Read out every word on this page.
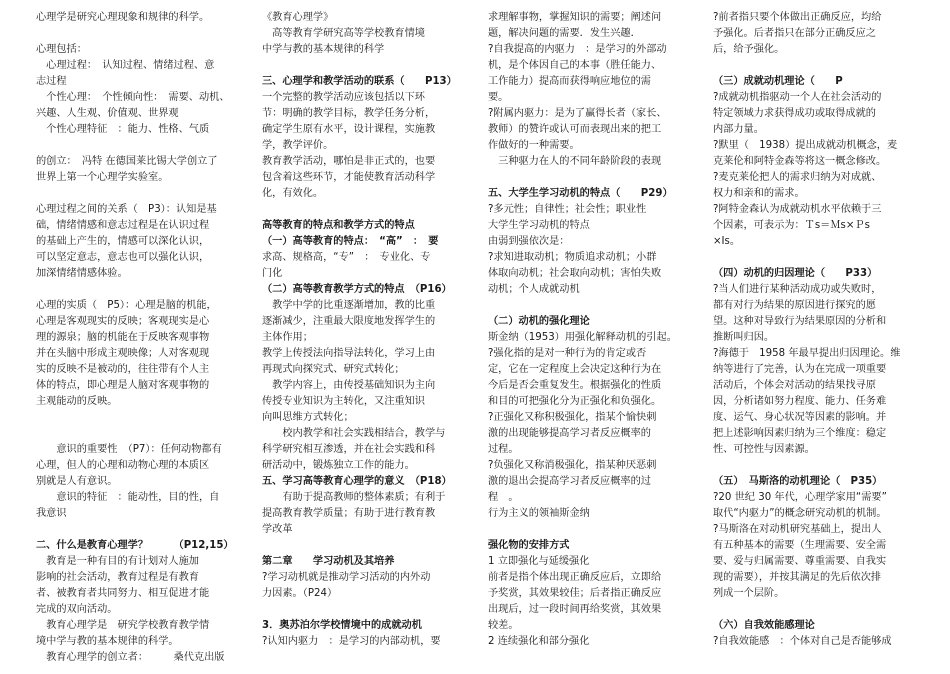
心理学是研究心理现象和规律的科学。
心理包括：
　心理过程：　认知过程、情绪过程、意
志过程
　个性心理：　个性倾向性：　需要、动机、
兴趣、人生观、价值观、世界观
　个性心理特征　：能力、性格、气质
的创立：　冯特 在德国莱比锡大学创立了
世界上第一个心理学实验室。
心理过程之间的关系（　P3）：认知是基
础，情绪情感和意志过程是在认识过程
的基础上产生的，情感可以深化认识，
可以坚定意志，意志也可以强化认识，
加深情绪情感体验。
心理的实质（　P5）：心理是脑的机能，
心理是客观现实的反映；客观现实是心
理的源泉；脑的机能在于反映客观事物
并在头脑中形成主观映像；人对客观现
实的反映不是被动的，往往带有个人主
体的特点，即心理是人脑对客观事物的
主观能动的反映。
　　意识的重要性　（P7）：任何动物都有
心理，但人的心理和动物心理的本质区
别就是人有意识。
　　意识的特征　：能动性，目的性，自
我意识
二、什么是教育心理学？　　　（P12,15）
　教育是一种有目的有计划对人施加
影响的社会活动，教育过程是有教育
者、被教育者共同努力、相互促进才能
完成的双向活动。
　教育心理学是　研究学校教育教学情
境中学与教的基本规律的科学。
　教育心理学的创立者：　　　桑代克出版
《教育心理学》
　高等教育学研究高等学校教育情境
中学与教的基本规律的科学
三、心理学和教学活动的联系（　　P13）
一个完整的教学活动应该包括以下环
节：明确的教学目标，教学任务分析，
确定学生原有水平，设计课程，实施教
学，教学评价。
教育教学活动，哪怕是非正式的，也要
包含着这些环节，才能使教育活动科学
化，有效化。
高等教育的特点和教学方式的特点
（一）高等教育的特点：　“高”　：　要
求高、规格高，“专”　：　专业化、专
门化
（二）高等教育教学方式的特点　（P16）
　教学中学的比重逐渐增加，教的比重
逐渐减少，注重最大限度地发挥学生的
主体作用；
教学上传授法向指导法转化，学习上由
再现式向探究式、研究式转化；
　教学内容上，由传授基础知识为主向
传授专业知识为主转化，又注重知识
向叫思维方式转化；
　　校内教学和社会实践相结合，教学与
科学研究相互渗透，并在社会实践和科
研活动中，锻炼独立工作的能力。
五、学习高等教育心理学的意义　（P18）
　　有助于提高教师的整体素质；有利于
提高教育教学质量；有助于进行教育教
学改革
第二章　　学习动机及其培养
?学习动机就是推动学习活动的内外动
力因素。（P24）
3．奥苏泊尔学校情境中的成就动机
?认知内驱力　：是学习的内部动机，要
求理解事物，掌握知识的需要；阐述问
题，解决问题的需要．发生兴趣．
?自我提高的内驱力　：是学习的外部动
机，是个体因自己的本事（胜任能力、
工作能力）提高而获得响应地位的需
要。
?附属内驱力：是为了赢得长者（家长、
教师）的赞许或认可而表现出来的把工
作做好的一种需要。
　三种驱力在人的不同年龄阶段的表现
五、大学生学习动机的特点（　　P29）
?多元性；自律性；社会性；职业性
大学生学习动机的特点
由弱到强依次是：
?求知进取动机；物质追求动机；小群
体取向动机；社会取向动机；害怕失败
动机；个人成就动机
（二）动机的强化理论
斯金纳（1953）用强化解释动机的引起。
?强化指的是对一种行为的肯定或否
定，它在一定程度上会决定这种行为在
今后是否会重复发生。根据强化的性质
和目的可把强化分为正强化和负强化。
?正强化又称积极强化，指某个愉快刺
激的出现能够提高学习者反应概率的
过程。
?负强化又称消极强化，指某种厌恶刺
激的退出会提高学习者反应概率的过
程　。
行为主义的领袖斯金纳
强化物的安排方式
1 立即强化与延缓强化
前者是指个体出现正确反应后，立即给
予奖赏，其效果较佳；后者指正确反应
出现后，过一段时间再给奖赏，其效果
较差。
2 连续强化和部分强化
?前者指只要个体做出正确反应，均给
予强化。后者指只在部分正确反应之
后，给予强化。
（三）成就动机理论（　　P
?成就动机指驱动一个人在社会活动的
特定领域力求获得成功或取得成就的
内部力量。
?默里（　1938）提出成就动机概念，麦
克莱伦和阿特金森等将这一概念修改。
?麦克莱伦把人的需求归纳为对成就、
权力和亲和的需求。
?阿特金森认为成就动机水平依赖于三
个因素，可表示为：Ｔs＝Ｍs×Ｐs
×Is。
（四）动机的归因理论（　　P33）
?当人们进行某种活动成功或失败时，
都有对行为结果的原因进行探究的愿
望。这种对导致行为结果原因的分析和
推断叫归因。
?海德于　1958 年最早提出归因理论。维
纳等进行了完善，认为在完成一项重要
活动后，个体会对活动的结果找寻原
因，分析诸如努力程度、能力、任务难
度、运气、身心状况等因素的影响。并
把上述影响因素归纳为三个维度：稳定
性、可控性与因素源。
（五）　马斯洛的动机理论（　P35）
?20 世纪 30 年代，心理学家用“需要”
取代“内驱力”的概念研究动机的机制。
?马斯洛在对动机研究基础上，提出人
有五种基本的需要（生理需要、安全需
要、爱与归属需要、尊重需要、自我实
现的需要），并按其满足的先后依次排
列成一个层阶。
（六）自我效能感理论
?自我效能感　：个体对自己是否能够成
